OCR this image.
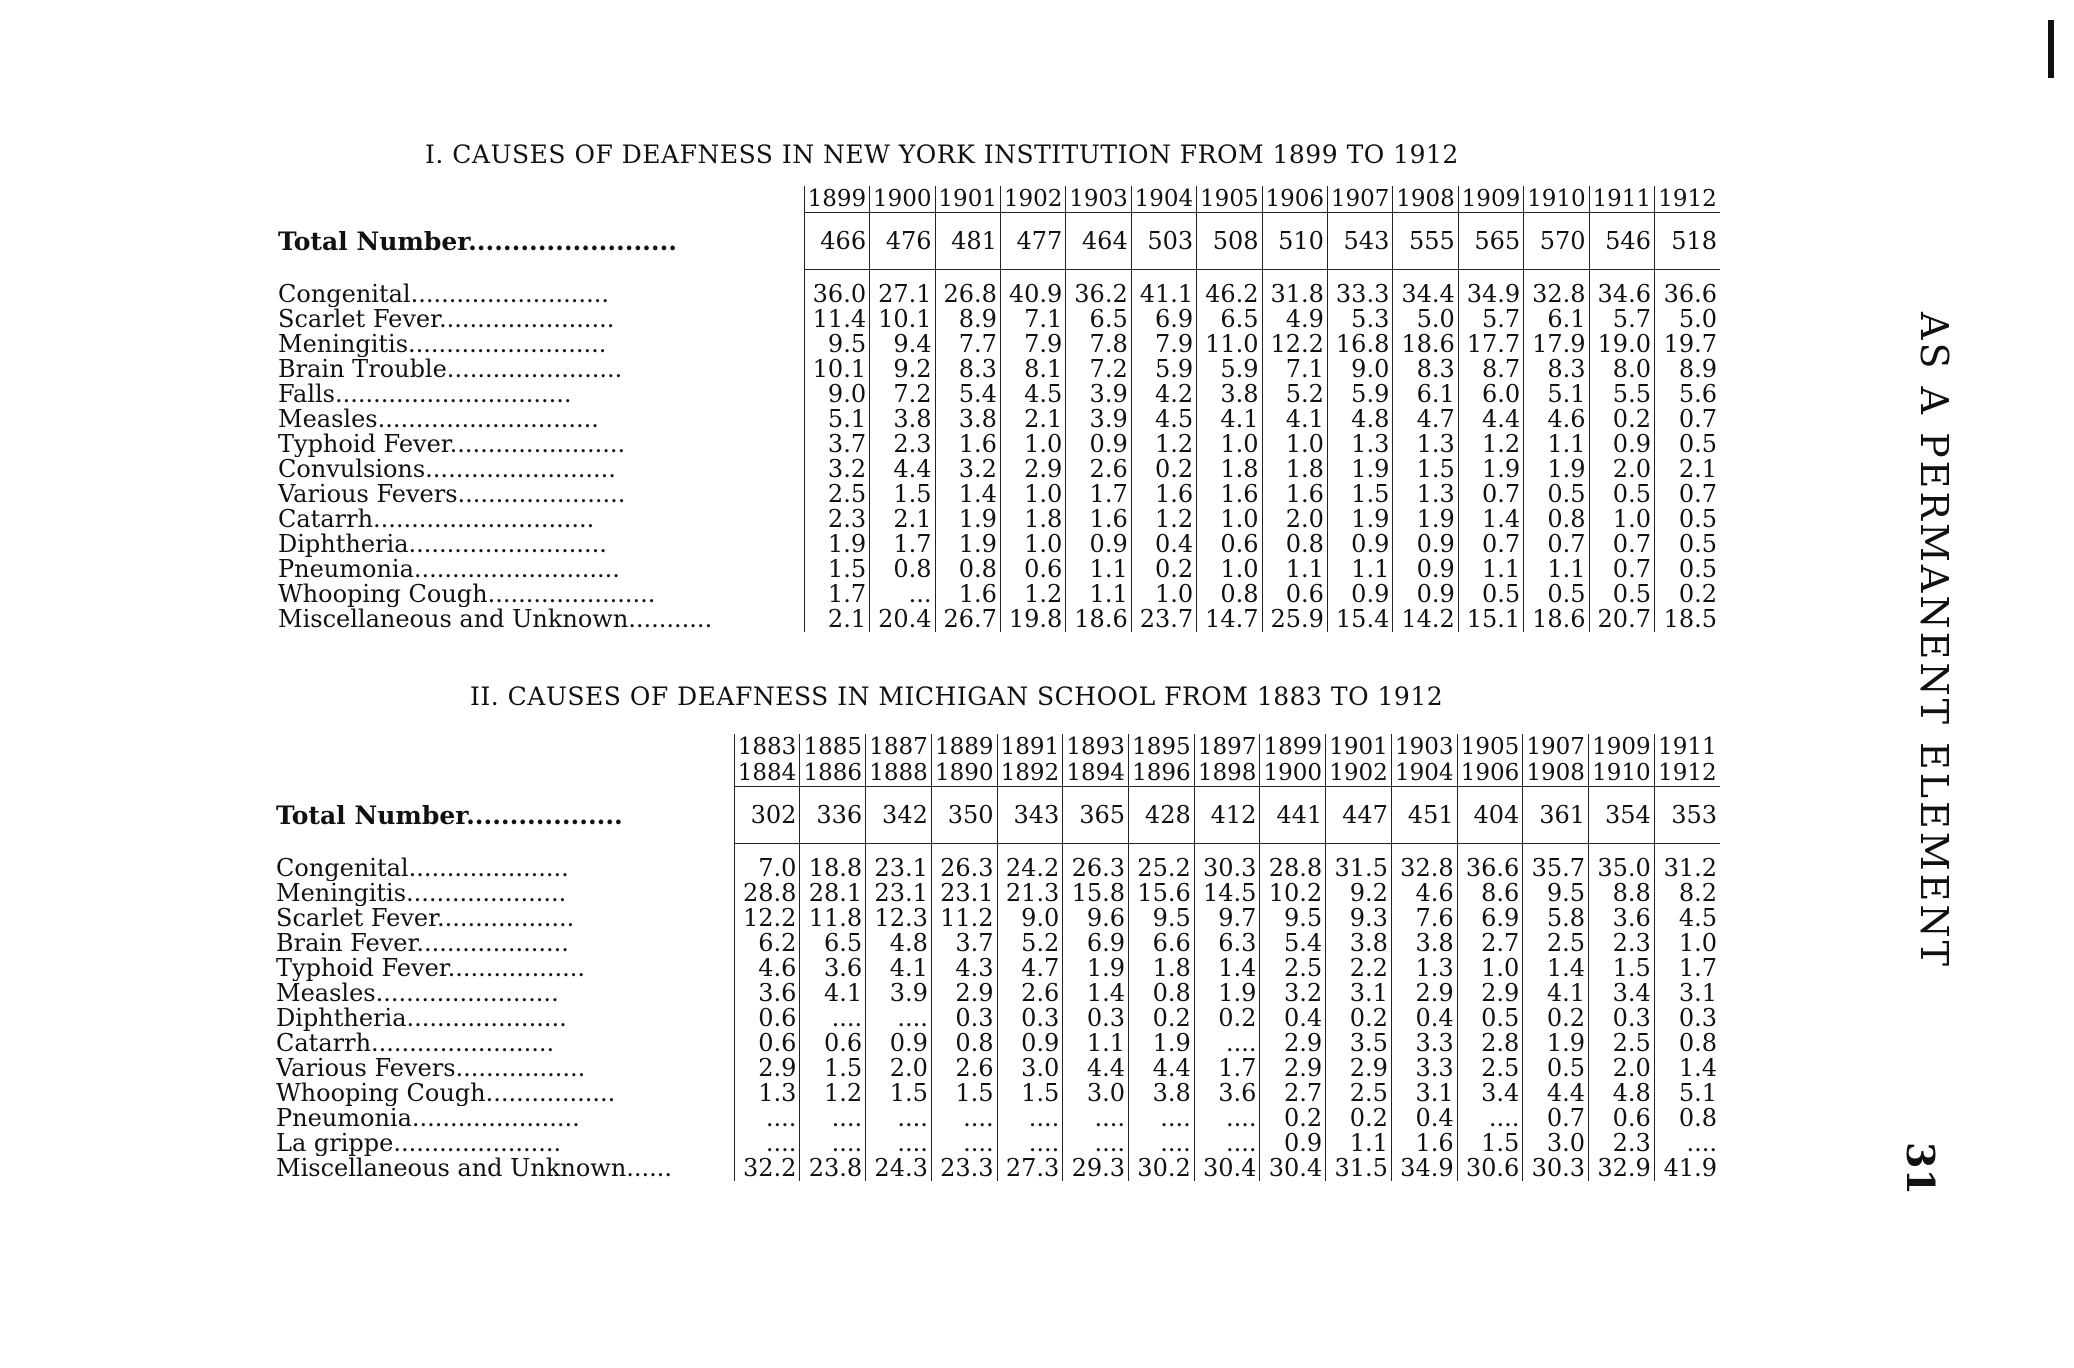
I. CAUSES OF DEAFNESS IN NEW YORK INSTITUTION FROM 1899 TO 1912
	1899	1900	1901	1902	1903	1904	1905	1906	1907	1908	1909	1910	1911	1912
Total Number........................	466	476	481	477	464	503	508	510	543	555	565	570	546	518

Congenital..........................	36.0	27.1	26.8	40.9	36.2	41.1	46.2	31.8	33.3	34.4	34.9	32.8	34.6	36.6
Scarlet Fever.......................	11.4	10.1	8.9	7.1	6.5	6.9	6.5	4.9	5.3	5.0	5.7	6.1	5.7	5.0
Meningitis..........................	9.5	9.4	7.7	7.9	7.8	7.9	11.0	12.2	16.8	18.6	17.7	17.9	19.0	19.7
Brain Trouble.......................	10.1	9.2	8.3	8.1	7.2	5.9	5.9	7.1	9.0	8.3	8.7	8.3	8.0	8.9
Falls...............................	9.0	7.2	5.4	4.5	3.9	4.2	3.8	5.2	5.9	6.1	6.0	5.1	5.5	5.6
Measles.............................	5.1	3.8	3.8	2.1	3.9	4.5	4.1	4.1	4.8	4.7	4.4	4.6	0.2	0.7
Typhoid Fever.......................	3.7	2.3	1.6	1.0	0.9	1.2	1.0	1.0	1.3	1.3	1.2	1.1	0.9	0.5
Convulsions.........................	3.2	4.4	3.2	2.9	2.6	0.2	1.8	1.8	1.9	1.5	1.9	1.9	2.0	2.1
Various Fevers......................	2.5	1.5	1.4	1.0	1.7	1.6	1.6	1.6	1.5	1.3	0.7	0.5	0.5	0.7
Catarrh.............................	2.3	2.1	1.9	1.8	1.6	1.2	1.0	2.0	1.9	1.9	1.4	0.8	1.0	0.5
Diphtheria..........................	1.9	1.7	1.9	1.0	0.9	0.4	0.6	0.8	0.9	0.9	0.7	0.7	0.7	0.5
Pneumonia...........................	1.5	0.8	0.8	0.6	1.1	0.2	1.0	1.1	1.1	0.9	1.1	1.1	0.7	0.5
Whooping Cough......................	1.7	...	1.6	1.2	1.1	1.0	0.8	0.6	0.9	0.9	0.5	0.5	0.5	0.2
Miscellaneous and Unknown...........	2.1	20.4	26.7	19.8	18.6	23.7	14.7	25.9	15.4	14.2	15.1	18.6	20.7	18.5
II. CAUSES OF DEAFNESS IN MICHIGAN SCHOOL FROM 1883 TO 1912
	1883	1885	1887	1889	1891	1893	1895	1897	1899	1901	1903	1905	1907	1909	1911
	1884	1886	1888	1890	1892	1894	1896	1898	1900	1902	1904	1906	1908	1910	1912
Total Number..................	302	336	342	350	343	365	428	412	441	447	451	404	361	354	353

Congenital.....................	7.0	18.8	23.1	26.3	24.2	26.3	25.2	30.3	28.8	31.5	32.8	36.6	35.7	35.0	31.2
Meningitis.....................	28.8	28.1	23.1	23.1	21.3	15.8	15.6	14.5	10.2	9.2	4.6	8.6	9.5	8.8	8.2
Scarlet Fever..................	12.2	11.8	12.3	11.2	9.0	9.6	9.5	9.7	9.5	9.3	7.6	6.9	5.8	3.6	4.5
Brain Fever....................	6.2	6.5	4.8	3.7	5.2	6.9	6.6	6.3	5.4	3.8	3.8	2.7	2.5	2.3	1.0
Typhoid Fever..................	4.6	3.6	4.1	4.3	4.7	1.9	1.8	1.4	2.5	2.2	1.3	1.0	1.4	1.5	1.7
Measles........................	3.6	4.1	3.9	2.9	2.6	1.4	0.8	1.9	3.2	3.1	2.9	2.9	4.1	3.4	3.1
Diphtheria.....................	0.6	....	....	0.3	0.3	0.3	0.2	0.2	0.4	0.2	0.4	0.5	0.2	0.3	0.3
Catarrh........................	0.6	0.6	0.9	0.8	0.9	1.1	1.9	....	2.9	3.5	3.3	2.8	1.9	2.5	0.8
Various Fevers.................	2.9	1.5	2.0	2.6	3.0	4.4	4.4	1.7	2.9	2.9	3.3	2.5	0.5	2.0	1.4
Whooping Cough.................	1.3	1.2	1.5	1.5	1.5	3.0	3.8	3.6	2.7	2.5	3.1	3.4	4.4	4.8	5.1
Pneumonia......................	....	....	....	....	....	....	....	....	0.2	0.2	0.4	....	0.7	0.6	0.8
La grippe......................	....	....	....	....	....	....	....	....	0.9	1.1	1.6	1.5	3.0	2.3	....
Miscellaneous and Unknown......	32.2	23.8	24.3	23.3	27.3	29.3	30.2	30.4	30.4	31.5	34.9	30.6	30.3	32.9	41.9
AS A PERMANENT ELEMENT
31
